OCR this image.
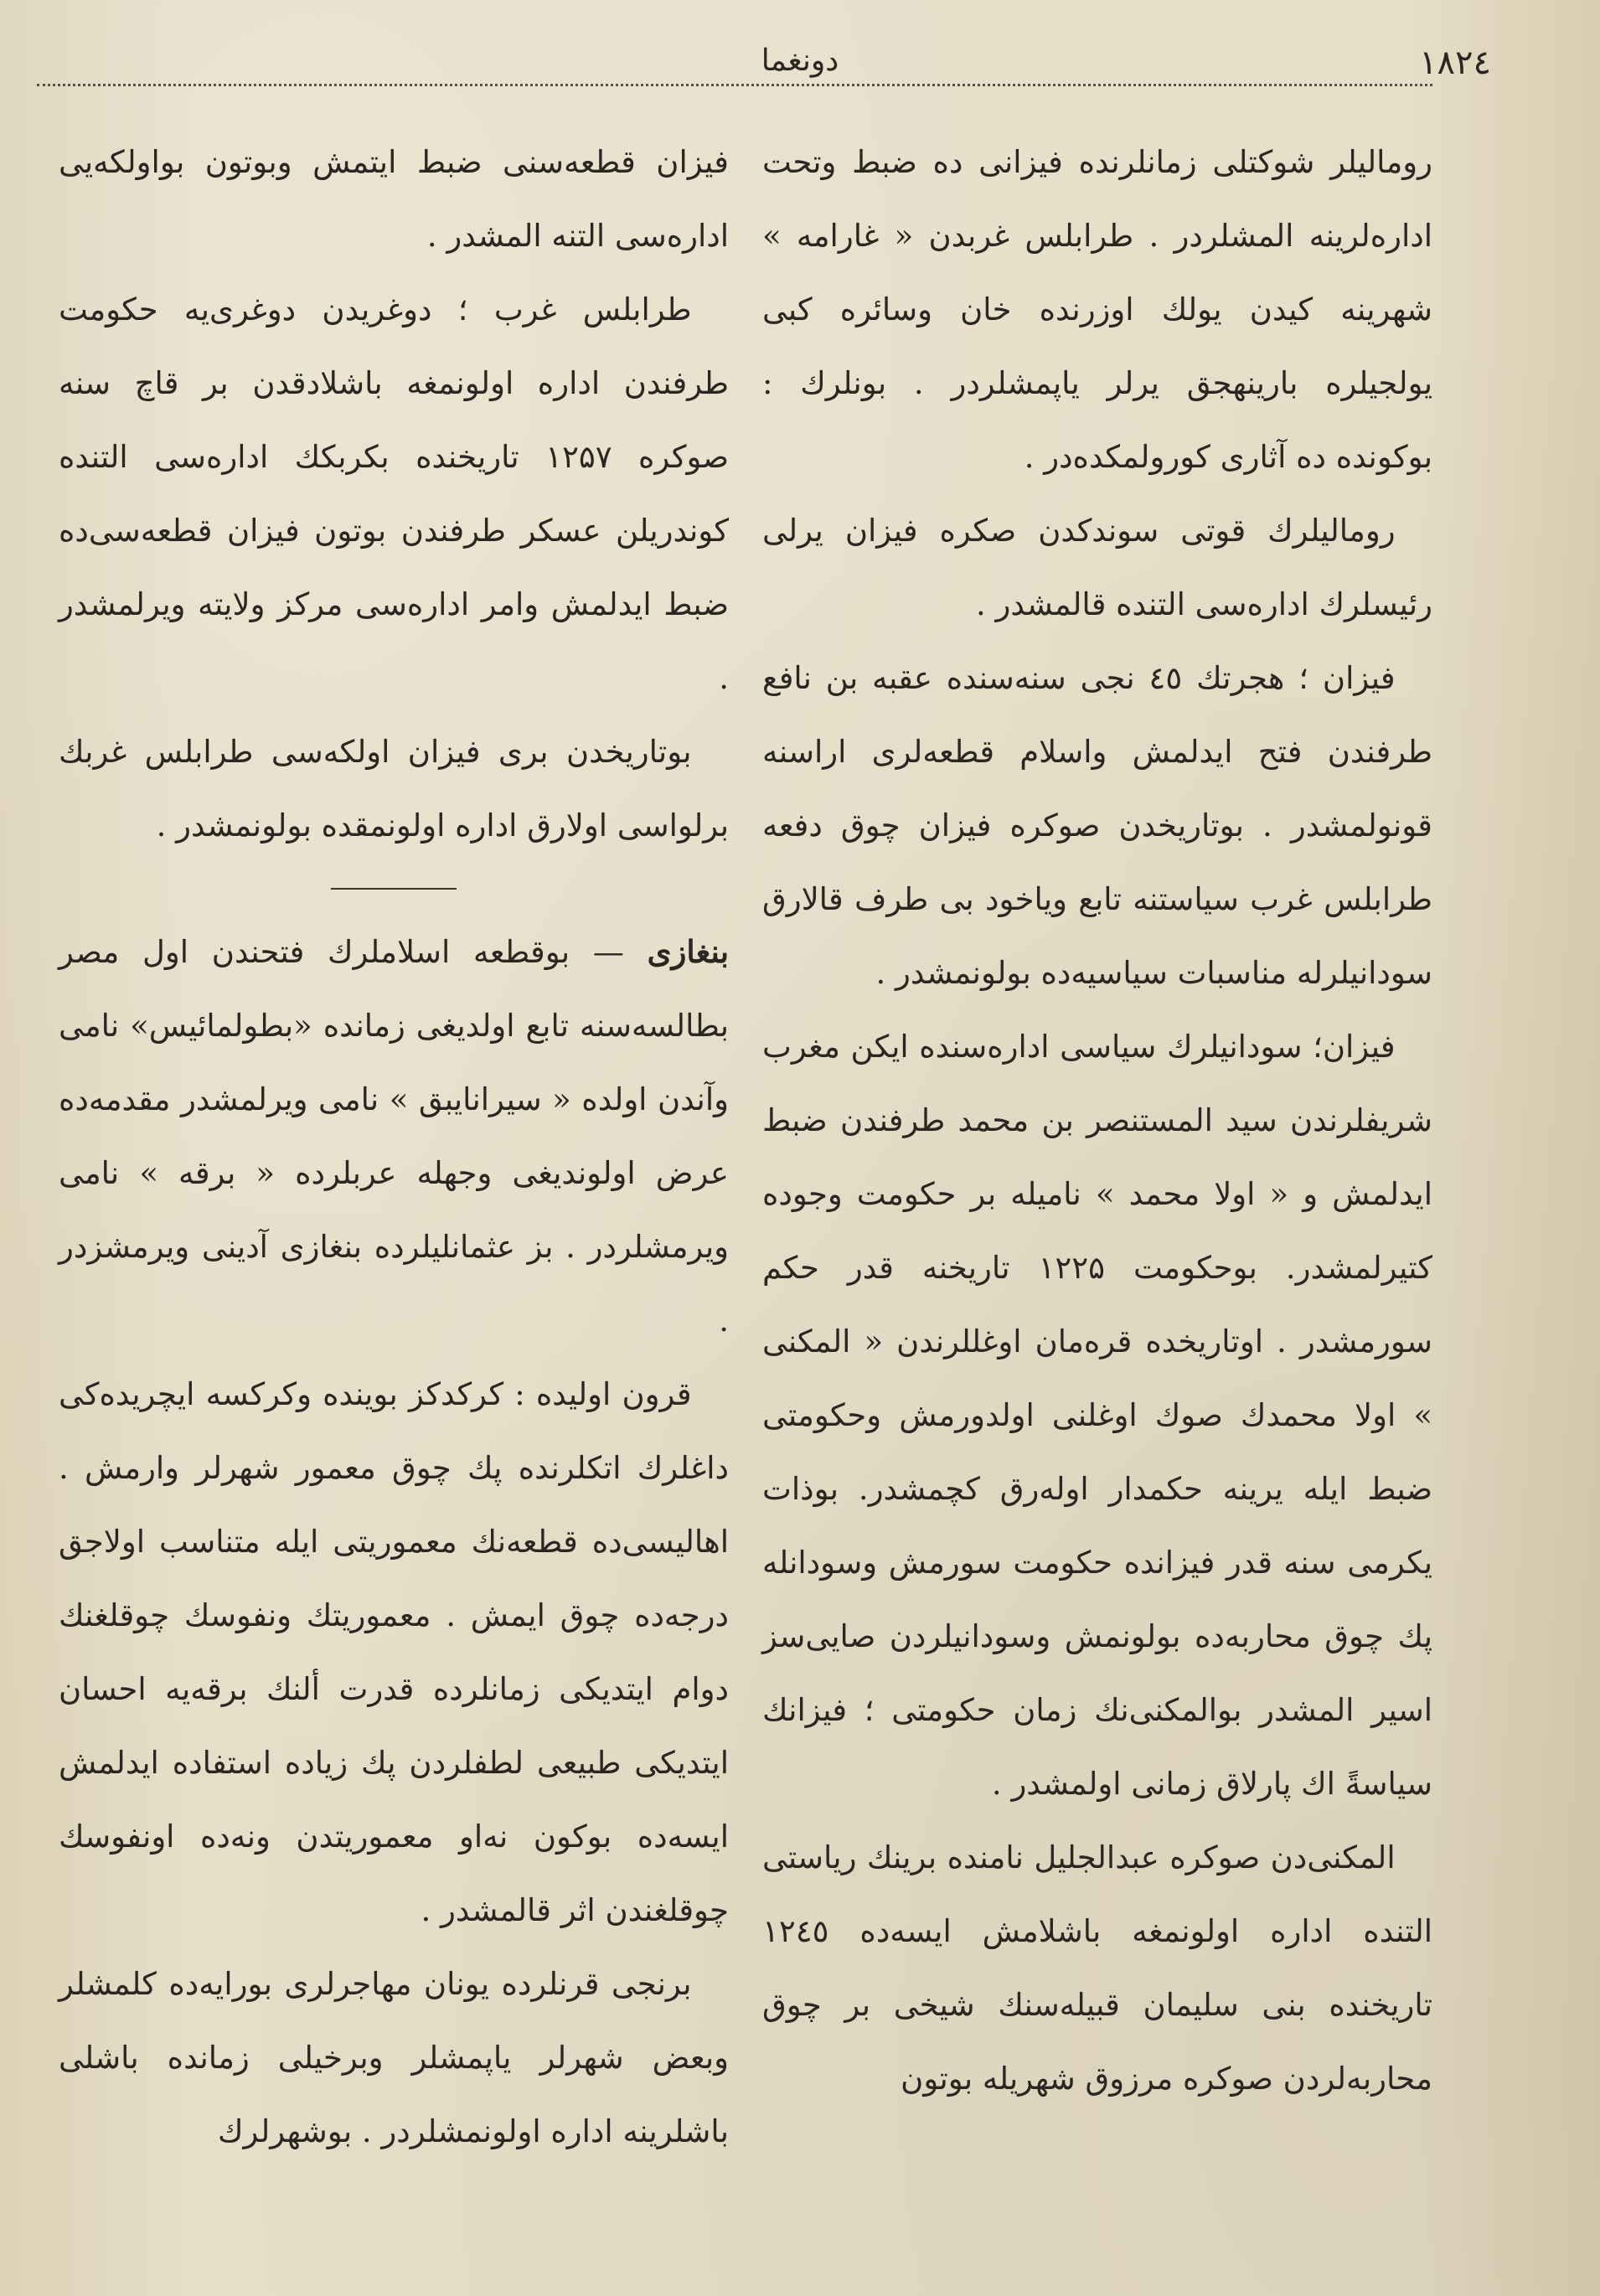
۱۸۲٤
دونغما

روماليلر شوكتلی زمانلرنده فيزانی ده ضبط وتحت ادارەلرينه المشلردر . طرابلس غربدن « غارامه » شهرينه كيدن يولك اوزرنده خان وسائره كبی يولجيلره بارينهجق يرلر ياپمشلردر . بونلرك : بوكونده ده آثاری كورولمكده‌در .

روماليلرك قوتی سوندكدن صكره فيزان يرلی رئيسلرك ادارەسی التنده قالمشدر .

فيزان ؛ هجرتك ٤٥ نجی سنەسنده عقبه بن نافع طرفندن فتح ايدلمش واسلام قطعەلری اراسنه قونولمشدر . بوتاريخدن صوكره فيزان چوق دفعه طرابلس غرب سياستنه تابع وياخود بی طرف قالارق سودانيلرله مناسبات سياسيه‌ده بولونمشدر .

فيزان؛ سودانيلرك سياسی ادارەسنده ايكن مغرب شريفلرندن سيد المستنصر بن محمد طرفندن ضبط ايدلمش و « اولا محمد » ناميله بر حكومت وجوده كتيرلمشدر. بوحكومت ۱۲۲۵ تاريخنه قدر حكم سورمشدر . اوتاريخده قرەمان اوغللرندن « المكنی » اولا محمدك صوك اوغلنی اولدورمش وحكومتی ضبط ايله يرينه حكمدار اولەرق كچمشدر. بوذات يكرمی سنه قدر فيزانده حكومت سورمش وسودانله پك چوق محاربەده بولونمش وسودانيلردن صايی‌سز اسير المشدر بوالمكنی‌نك زمان حكومتی ؛ فيزانك سياسةً اك پارلاق زمانی اولمشدر .

المكنی‌دن صوكره عبدالجليل نامنده برينك رياستی التنده اداره اولونمغه باشلامش ايسه‌ده ۱۲٤٥ تاريخنده بنی سليمان قبيلەسنك شيخی بر چوق محاربەلردن صوكره مرزوق شهريله بوتون

فيزان قطعەسنی ضبط ايتمش وبوتون بواولكه‌يی ادارەسی التنه المشدر .

طرابلس غرب ؛ دوغريدن دوغری‌يه حكومت طرفندن اداره اولونمغه باشلادقدن بر قاچ سنه صوكره ۱۲۵۷ تاريخنده بكربكك ادارەسی التنده كوندريلن عسكر طرفندن بوتون فيزان قطعەسی‌ده ضبط ايدلمش وامر ادارەسی مركز ولايته ويرلمشدر .

بوتاريخدن بری فيزان اولكەسی طرابلس غربك برلواسی اولارق اداره اولونمقده بولونمشدر .

بنغازی — بوقطعه اسلاملرك فتحندن اول مصر بطالسەسنه تابع اولديغی زمانده «بطولمائيس» نامی وآندن اولده « سيرانايبق » نامی ويرلمشدر مقدمەده عرض اولونديغی وجهله عربلرده « برقه » نامی ويرمشلردر . بز عثمانليلرده بنغازی آدينی ويرمشزدر .

قرون اوليده : كركدكز بوينده وكركسه ايچريده‌كی داغلرك اتكلرنده پك چوق معمور شهرلر وارمش . اهاليسی‌ده قطعەنك معموريتی ايله متناسب اولاجق درجەده چوق ايمش . معموريتك ونفوسك چوقلغنك دوام ايتديكی زمانلرده قدرت ألنك برقەيه احسان ايتديكی طبيعی لطفلردن پك زياده استفاده ايدلمش ايسه‌ده بوكون نه‌او معموريتدن ونه‌ده اونفوسك چوقلغندن اثر قالمشدر .

برنجی قرنلرده يونان مهاجرلری بورايه‌ده كلمشلر وبعض شهرلر ياپمشلر وبرخيلی زمانده باشلی باشلرينه اداره اولونمشلردر . بوشهرلرك
